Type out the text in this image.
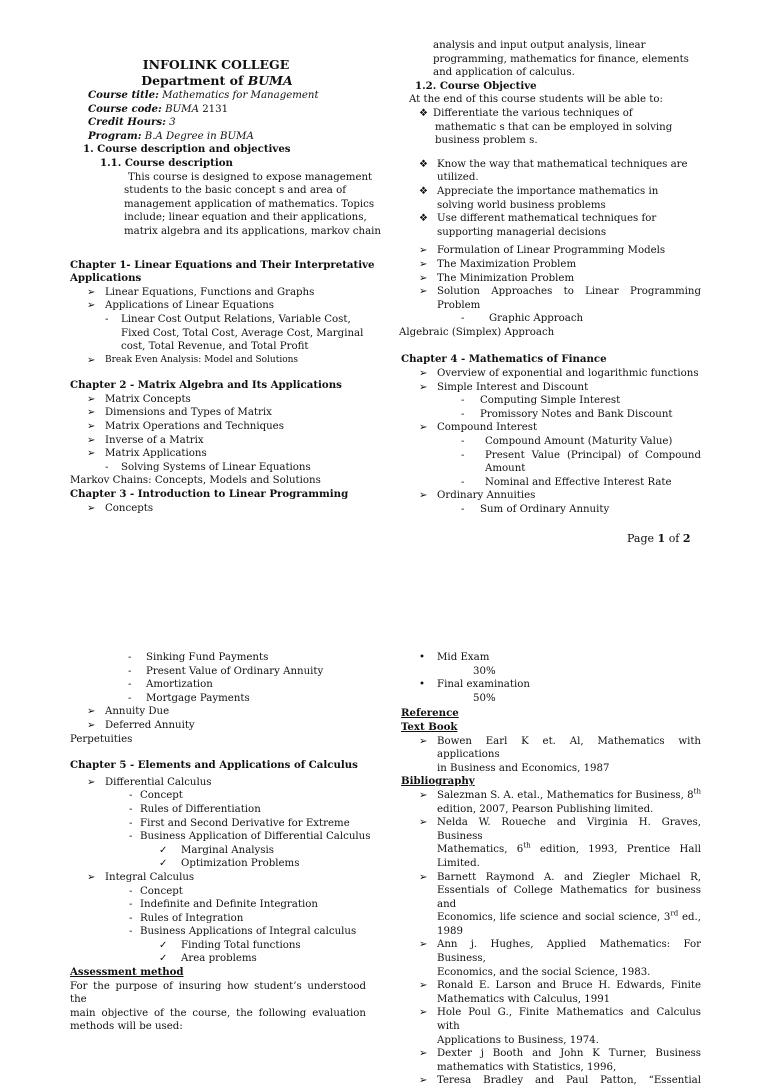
INFOLINK COLLEGE
Department of BUMA
Course title: Mathematics for Management
Course code: BUMA 2131
Credit Hours: 3
Program: B.A Degree in BUMA
1. Course description and objectives
1.1. Course description
This course is designed to expose management
students to the basic concept s and area of
management application of mathematics. Topics
include; linear equation and their applications,
matrix algebra and its applications, markov chain
Chapter 1- Linear Equations and Their Interpretative
Applications
➢ Linear Equations, Functions and Graphs
➢ Applications of Linear Equations
-	Linear Cost Output Relations, Variable Cost,
Fixed Cost, Total Cost, Average Cost, Marginal
cost, Total Revenue, and Total Profit
➢	Break Even Analysis: Model and Solutions
Chapter 2 - Matrix Algebra and Its Applications
➢ Matrix Concepts
➢ Dimensions and Types of Matrix
➢ Matrix Operations and Techniques
➢ Inverse of a Matrix
➢ Matrix Applications
-	Solving Systems of Linear Equations
Markov Chains: Concepts, Models and Solutions
Chapter 3 - Introduction to Linear Programming
➢ Concepts
analysis and input output analysis, linear
programming, mathematics for finance, elements
and application of calculus.
1.2. Course Objective
At the end of this course students will be able to:
❖ Differentiate the various techniques of
mathematic s that can be employed in solving
business problem s.
❖ Know the way that mathematical techniques are
utilized.
❖ Appreciate the importance mathematics in
solving world business problems
❖ Use different mathematical techniques for
supporting managerial decisions
➢ Formulation of Linear Programming Models
➢ The Maximization Problem
➢ The Minimization Problem
➢ Solution Approaches to Linear Programming
Problem
-	Graphic Approach
Algebraic (Simplex) Approach
Chapter 4 - Mathematics of Finance
➢ Overview of exponential and logarithmic functions
➢ Simple Interest and Discount
-	Computing Simple Interest
-	Promissory Notes and Bank Discount
➢ Compound Interest
-	Compound Amount (Maturity Value)
-	Present Value (Principal) of Compound
Amount
-	Nominal and Effective Interest Rate
➢ Ordinary Annuities
-	Sum of Ordinary Annuity
Page 1 of 2
-	Sinking Fund Payments
-	Present Value of Ordinary Annuity
-	Amortization
-	Mortgage Payments
➢ Annuity Due
➢ Deferred Annuity
Perpetuities
Chapter 5 - Elements and Applications of Calculus
➢ Differential Calculus
- Concept
- Rules of Differentiation
- First and Second Derivative for Extreme
- Business Application of Differential Calculus
✓	Marginal Analysis
✓	Optimization Problems
➢ Integral Calculus
- Concept
- Indefinite and Definite Integration
- Rules of Integration
- Business Applications of Integral calculus
✓	Finding Total functions
✓	Area problems
Assessment method
For the purpose of insuring how student’s understood the
main objective of the course, the following evaluation
methods will be used:
•	Mid Exam
30%
•	Final examination
50%
Reference
Text Book
➢ Bowen Earl K et. Al, Mathematics with applications
in Business and Economics, 1987
Bibliography
➢ Salezman S. A. etal., Mathematics for Business, 8th
edition, 2007, Pearson Publishing limited.
➢ Nelda W. Roueche and Virginia H. Graves, Business
Mathematics, 6th edition, 1993, Prentice Hall
Limited.
➢ Barnett Raymond A. and Ziegler Michael R,
Essentials of College Mathematics for business and
Economics, life science and social science, 3rd ed.,
1989
➢ Ann j. Hughes, Applied Mathematics: For Business,
Economics, and the social Science, 1983.
➢ Ronald E. Larson and Bruce H. Edwards, Finite
Mathematics with Calculus, 1991
➢ Hole Poul G., Finite Mathematics and Calculus with
Applications to Business, 1974.
➢ Dexter j Booth and John K Turner, Business
mathematics with Statistics, 1996,
➢ Teresa Bradley and Paul Patton, “Essential
